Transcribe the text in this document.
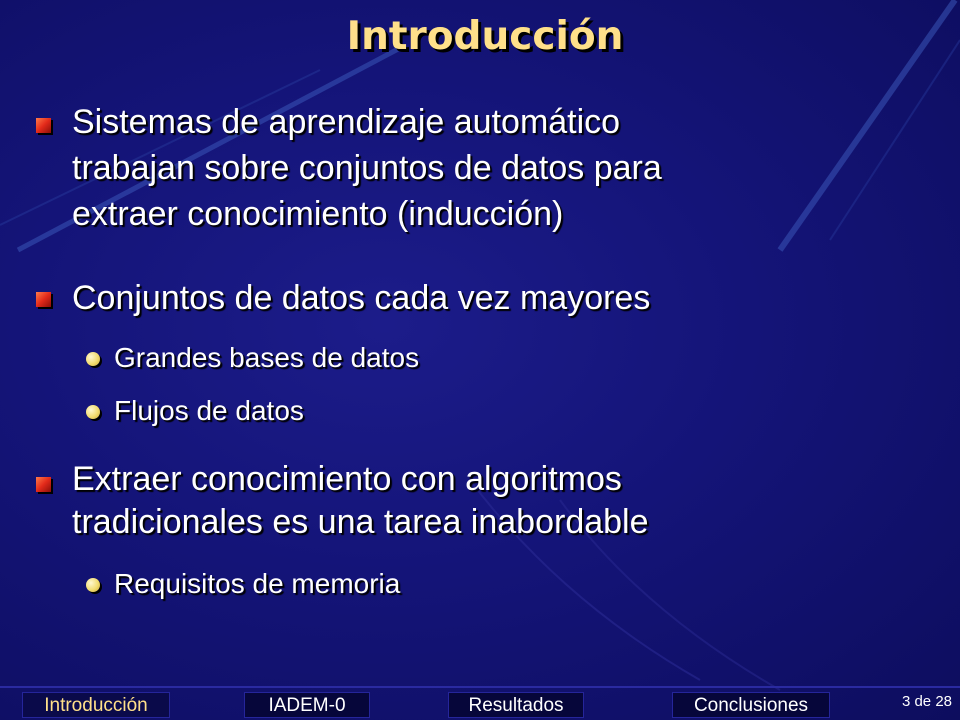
Introducción
Sistemas de aprendizaje automático
trabajan sobre conjuntos de datos para
extraer conocimiento (inducción)
Conjuntos de datos cada vez mayores
Grandes bases de datos
Flujos de datos
Extraer conocimiento con algoritmos
tradicionales es una tarea inabordable
Requisitos de memoria
Introducción	IADEM-0	Resultados	Conclusiones	3 de 28
